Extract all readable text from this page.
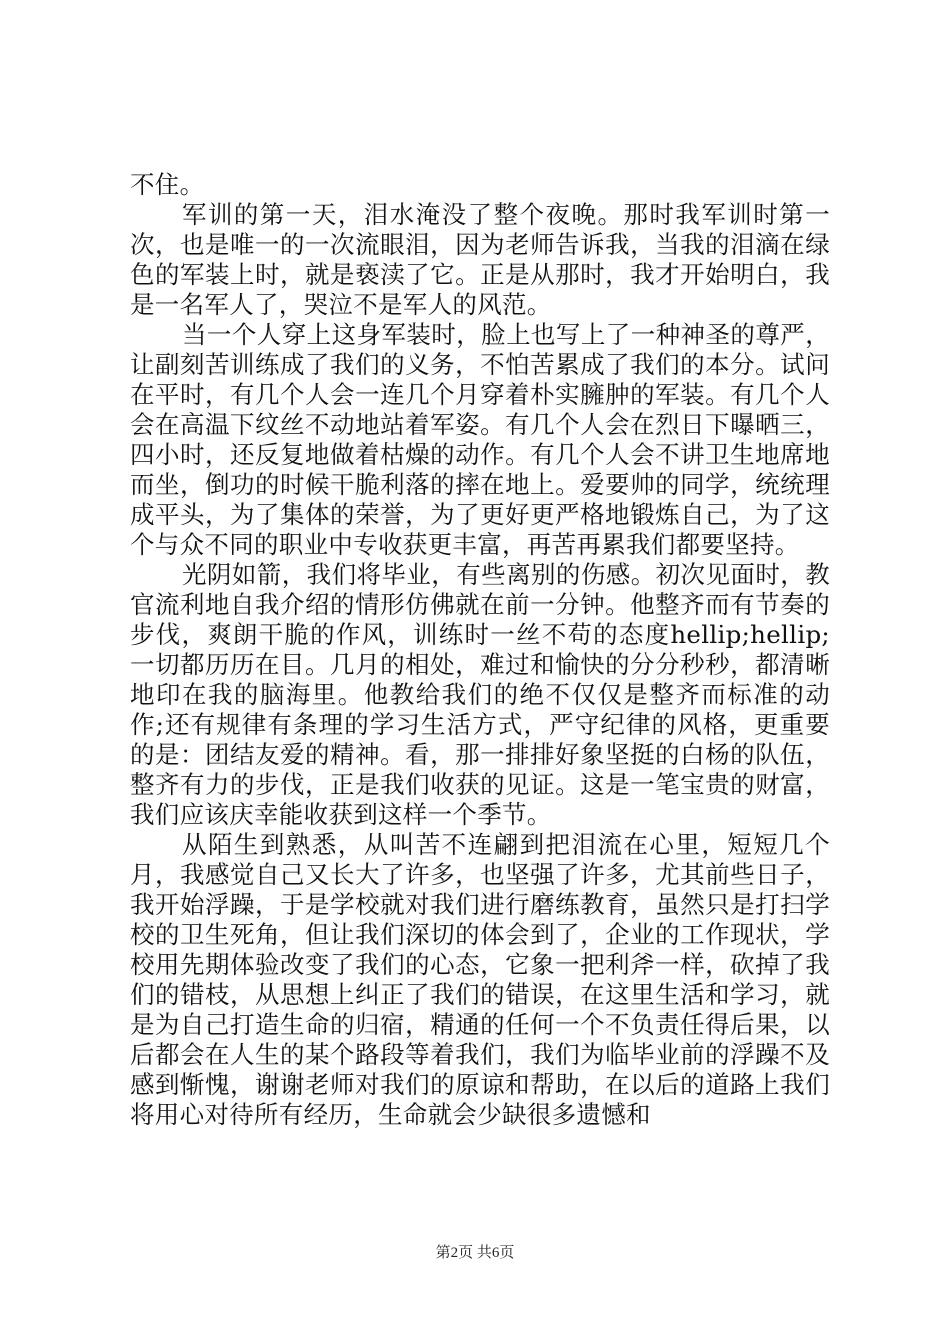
不住。

军训的第一天，泪水淹没了整个夜晚。那时我军训时第一次，也是唯一的一次流眼泪，因为老师告诉我，当我的泪滴在绿色的军装上时，就是亵渎了它。正是从那时，我才开始明白，我是一名军人了，哭泣不是军人的风范。

当一个人穿上这身军装时，脸上也写上了一种神圣的尊严，让副刻苦训练成了我们的义务，不怕苦累成了我们的本分。试问在平时，有几个人会一连几个月穿着朴实臃肿的军装。有几个人会在高温下纹丝不动地站着军姿。有几个人会在烈日下曝晒三，四小时，还反复地做着枯燥的动作。有几个人会不讲卫生地席地而坐，倒功的时候干脆利落的摔在地上。爱要帅的同学，统统理成平头，为了集体的荣誉，为了更好更严格地锻炼自己，为了这个与众不同的职业中专收获更丰富，再苦再累我们都要坚持。

光阴如箭，我们将毕业，有些离别的伤感。初次见面时，教官流利地自我介绍的情形仿佛就在前一分钟。他整齐而有节奏的步伐，爽朗干脆的作风，训练时一丝不苟的态度hellip;hellip;一切都历历在目。几月的相处，难过和愉快的分分秒秒，都清晰地印在我的脑海里。他教给我们的绝不仅仅是整齐而标准的动作;还有规律有条理的学习生活方式，严守纪律的风格，更重要的是：团结友爱的精神。看，那一排排好象坚挺的白杨的队伍，整齐有力的步伐，正是我们收获的见证。这是一笔宝贵的财富，我们应该庆幸能收获到这样一个季节。

从陌生到熟悉，从叫苦不连翩到把泪流在心里，短短几个月，我感觉自己又长大了许多，也坚强了许多，尤其前些日子，我开始浮躁，于是学校就对我们进行磨练教育，虽然只是打扫学校的卫生死角，但让我们深切的体会到了，企业的工作现状，学校用先期体验改变了我们的心态，它象一把利斧一样，砍掉了我们的错枝，从思想上纠正了我们的错误，在这里生活和学习，就是为自己打造生命的归宿，精通的任何一个不负责任得后果，以后都会在人生的某个路段等着我们，我们为临毕业前的浮躁不及感到惭愧，谢谢老师对我们的原谅和帮助，在以后的道路上我们将用心对待所有经历，生命就会少缺很多遗憾和

第2页 共6页
